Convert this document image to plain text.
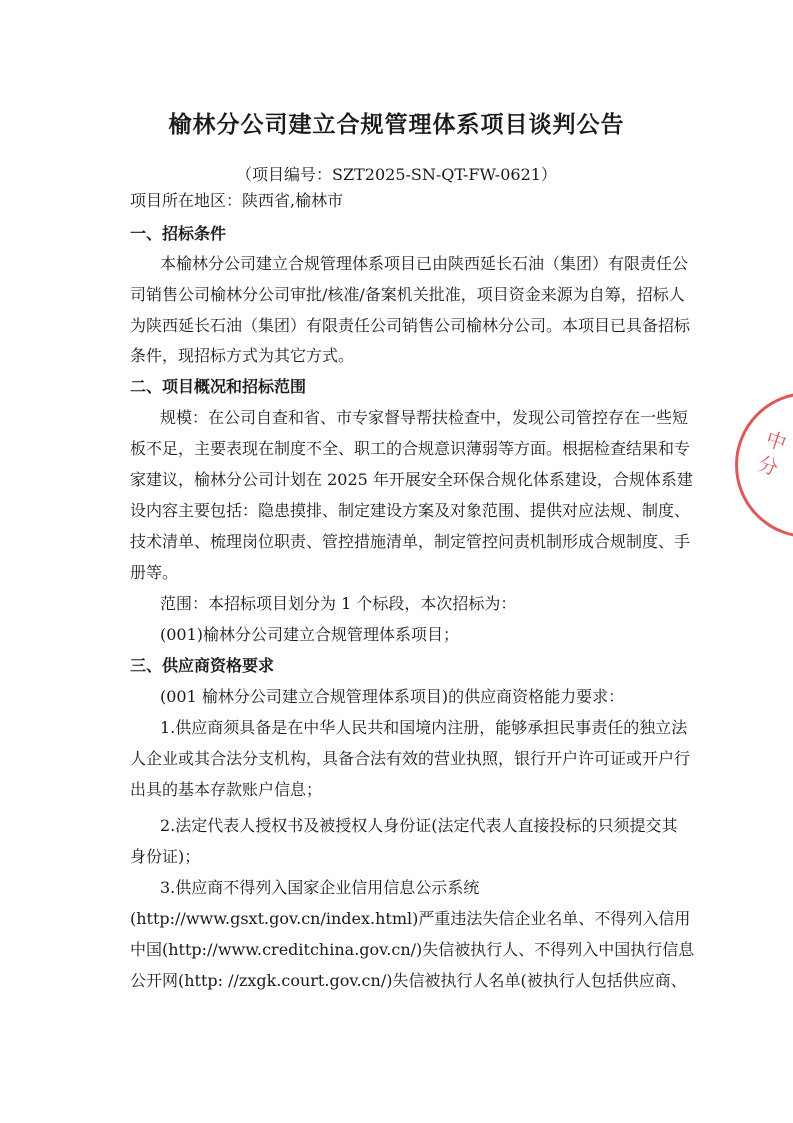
榆林分公司建立合规管理体系项目谈判公告
（项目编号：SZT2025-SN-QT-FW-0621）
项目所在地区：陕西省,榆林市
一、招标条件
本榆林分公司建立合规管理体系项目已由陕西延长石油（集团）有限责任公
司销售公司榆林分公司审批/核准/备案机关批准，项目资金来源为自筹，招标人
为陕西延长石油（集团）有限责任公司销售公司榆林分公司。本项目已具备招标
条件，现招标方式为其它方式。
二、项目概况和招标范围
规模：在公司自查和省、市专家督导帮扶检查中，发现公司管控存在一些短
板不足，主要表现在制度不全、职工的合规意识薄弱等方面。根据检查结果和专
家建议，榆林分公司计划在 2025 年开展安全环保合规化体系建设，合规体系建
设内容主要包括：隐患摸排、制定建设方案及对象范围、提供对应法规、制度、
技术清单、梳理岗位职责、管控措施清单，制定管控问责机制形成合规制度、手
册等。
范围：本招标项目划分为 1 个标段，本次招标为：
(001)榆林分公司建立合规管理体系项目；
三、供应商资格要求
(001 榆林分公司建立合规管理体系项目)的供应商资格能力要求：
1.供应商须具备是在中华人民共和国境内注册，能够承担民事责任的独立法
人企业或其合法分支机构，具备合法有效的营业执照，银行开户许可证或开户行
出具的基本存款账户信息；
2.法定代表人授权书及被授权人身份证(法定代表人直接投标的只须提交其
身份证)；
3.供应商不得列入国家企业信用信息公示系统
(http://www.gsxt.gov.cn/index.html)严重违法失信企业名单、不得列入信用
中国(http://www.creditchina.gov.cn/)失信被执行人、不得列入中国执行信息
公开网(http: //zxgk.court.gov.cn/)失信被执行人名单(被执行人包括供应商、
中
分
